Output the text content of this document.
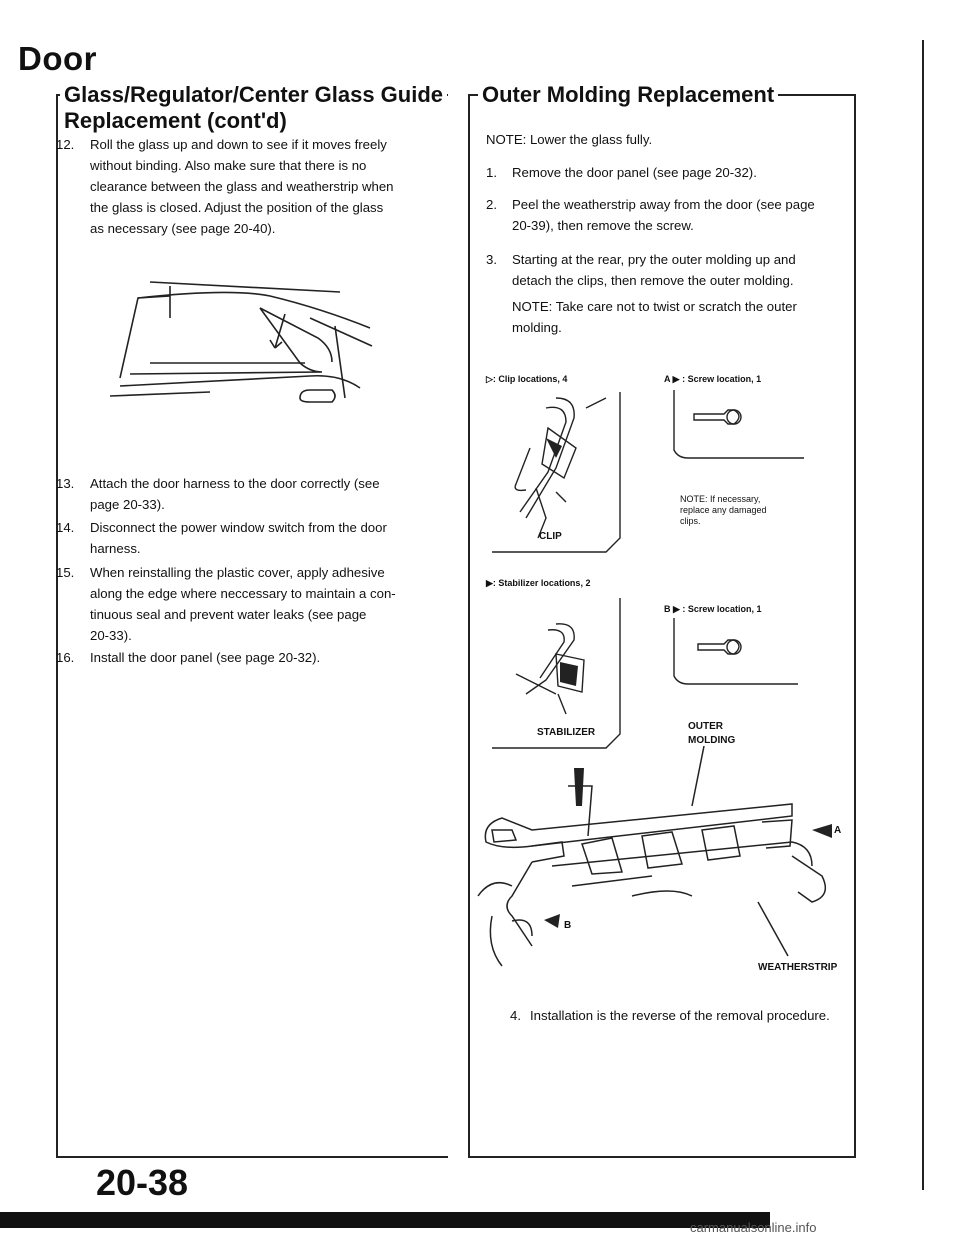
Door
Glass/Regulator/Center Glass Guide
Replacement (cont'd)
12. Roll the glass up and down to see if it moves freely
without binding. Also make sure that there is no
clearance between the glass and weatherstrip when
the glass is closed. Adjust the position of the glass
as necessary (see page 20-40).
13. Attach the door harness to the door correctly (see
page 20-33).
14. Disconnect the power window switch from the door
harness.
15. When reinstalling the plastic cover, apply adhesive
along the edge where neccessary to maintain a con-
tinuous seal and prevent water leaks (see page
20-33).
16. Install the door panel (see page 20-32).
Outer Molding Replacement
NOTE: Lower the glass fully.
1. Remove the door panel (see page 20-32).
2. Peel the weatherstrip away from the door (see page
20-39), then remove the screw.
3. Starting at the rear, pry the outer molding up and
detach the clips, then remove the outer molding.
NOTE: Take care not to twist or scratch the outer
molding.
▷: Clip locations, 4	A ▶ : Screw location, 1
CLIP
NOTE: If necessary,
replace any damaged
clips.
▶: Stabilizer locations, 2
B ▶ : Screw location, 1
STABILIZER
OUTER
MOLDING
A
B
WEATHERSTRIP
4. Installation is the reverse of the removal procedure.
20-38
carmanualsonline.info
